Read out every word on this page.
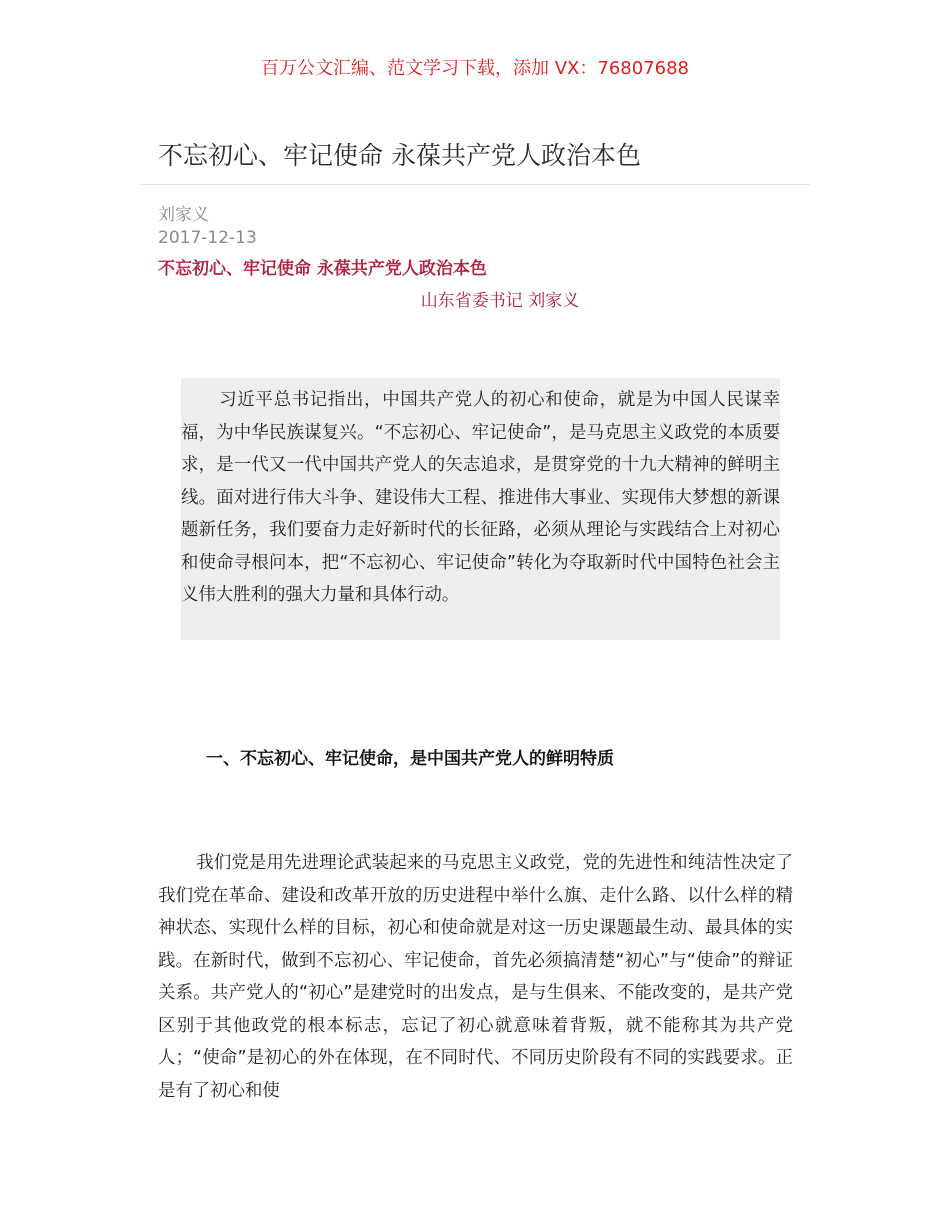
百万公文汇编、范文学习下载，添加 VX：76807688
不忘初心、牢记使命 永葆共产党人政治本色
刘家义
2017-12-13
不忘初心、牢记使命 永葆共产党人政治本色
山东省委书记 刘家义

习近平总书记指出，中国共产党人的初心和使命，就是为中国人民谋幸福，为中华民族谋复兴。“不忘初心、牢记使命”，是马克思主义政党的本质要求，是一代又一代中国共产党人的矢志追求，是贯穿党的十九大精神的鲜明主线。面对进行伟大斗争、建设伟大工程、推进伟大事业、实现伟大梦想的新课题新任务，我们要奋力走好新时代的长征路，必须从理论与实践结合上对初心和使命寻根问本，把“不忘初心、牢记使命”转化为夺取新时代中国特色社会主义伟大胜利的强大力量和具体行动。

一、不忘初心、牢记使命，是中国共产党人的鲜明特质

我们党是用先进理论武装起来的马克思主义政党，党的先进性和纯洁性决定了我们党在革命、建设和改革开放的历史进程中举什么旗、走什么路、以什么样的精神状态、实现什么样的目标，初心和使命就是对这一历史课题最生动、最具体的实践。在新时代，做到不忘初心、牢记使命，首先必须搞清楚“初心”与“使命”的辩证关系。共产党人的“初心”是建党时的出发点，是与生俱来、不能改变的，是共产党区别于其他政党的根本标志，忘记了初心就意味着背叛，就不能称其为共产党人；“使命”是初心的外在体现，在不同时代、不同历史阶段有不同的实践要求。正是有了初心和使
